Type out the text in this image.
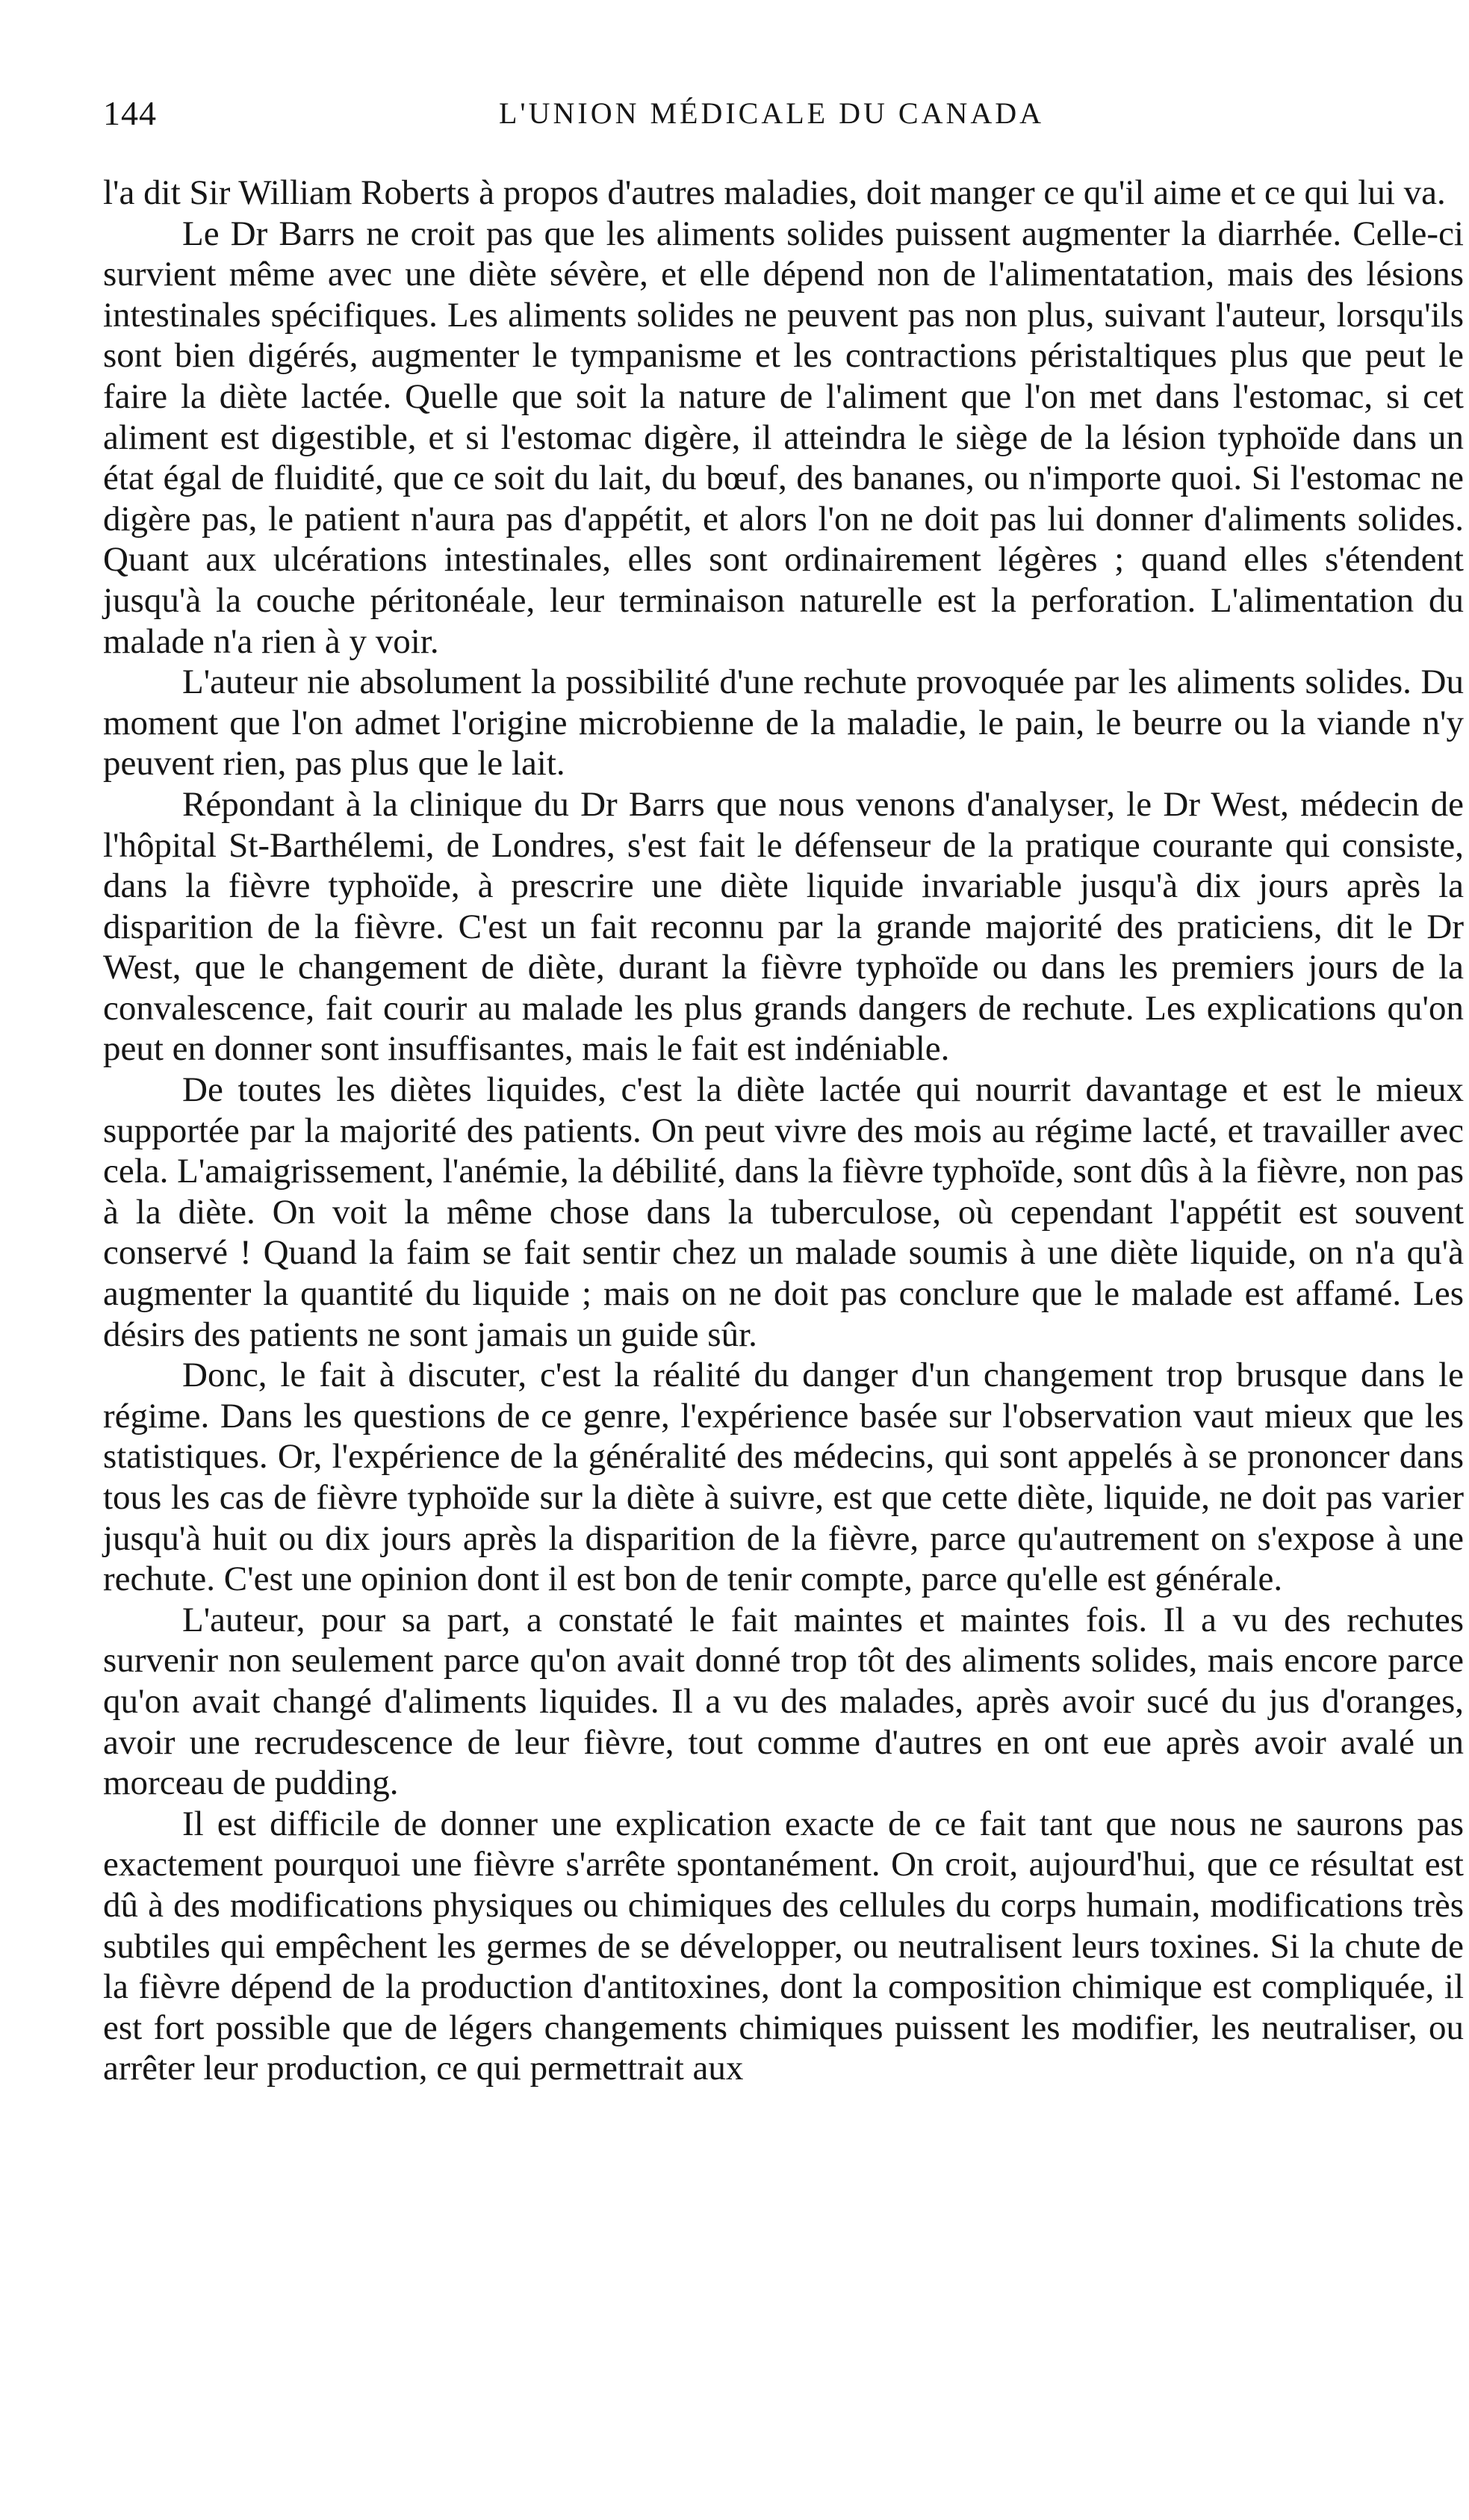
144	L'UNION MÉDICALE DU CANADA

l'a dit Sir William Roberts à propos d'autres maladies, doit manger ce qu'il aime et ce qui lui va.

Le Dr Barrs ne croit pas que les aliments solides puissent augmenter la diarrhée. Celle-ci survient même avec une diète sévère, et elle dépend non de l'alimentatation, mais des lésions intestinales spécifiques. Les aliments solides ne peuvent pas non plus, suivant l'auteur, lorsqu'ils sont bien digérés, augmenter le tympanisme et les contractions péristaltiques plus que peut le faire la diète lactée. Quelle que soit la nature de l'aliment que l'on met dans l'estomac, si cet aliment est digestible, et si l'estomac digère, il atteindra le siège de la lésion typhoïde dans un état égal de fluidité, que ce soit du lait, du bœuf, des bananes, ou n'importe quoi. Si l'estomac ne digère pas, le patient n'aura pas d'appétit, et alors l'on ne doit pas lui donner d'aliments solides. Quant aux ulcérations intestinales, elles sont ordinairement légères ; quand elles s'étendent jusqu'à la couche péritonéale, leur terminaison naturelle est la perforation. L'alimentation du malade n'a rien à y voir.

L'auteur nie absolument la possibilité d'une rechute provoquée par les aliments solides. Du moment que l'on admet l'origine microbienne de la maladie, le pain, le beurre ou la viande n'y peuvent rien, pas plus que le lait.

Répondant à la clinique du Dr Barrs que nous venons d'analyser, le Dr West, médecin de l'hôpital St-Barthélemi, de Londres, s'est fait le défenseur de la pratique courante qui consiste, dans la fièvre typhoïde, à prescrire une diète liquide invariable jusqu'à dix jours après la disparition de la fièvre. C'est un fait reconnu par la grande majorité des praticiens, dit le Dr West, que le changement de diète, durant la fièvre typhoïde ou dans les premiers jours de la convalescence, fait courir au malade les plus grands dangers de rechute. Les explications qu'on peut en donner sont insuffisantes, mais le fait est indéniable.

De toutes les diètes liquides, c'est la diète lactée qui nourrit davantage et est le mieux supportée par la majorité des patients. On peut vivre des mois au régime lacté, et travailler avec cela. L'amaigrissement, l'anémie, la débilité, dans la fièvre typhoïde, sont dûs à la fièvre, non pas à la diète. On voit la même chose dans la tuberculose, où cependant l'appétit est souvent conservé ! Quand la faim se fait sentir chez un malade soumis à une diète liquide, on n'a qu'à augmenter la quantité du liquide ; mais on ne doit pas conclure que le malade est affamé. Les désirs des patients ne sont jamais un guide sûr.

Donc, le fait à discuter, c'est la réalité du danger d'un changement trop brusque dans le régime. Dans les questions de ce genre, l'expérience basée sur l'observation vaut mieux que les statistiques. Or, l'expérience de la généralité des médecins, qui sont appelés à se prononcer dans tous les cas de fièvre typhoïde sur la diète à suivre, est que cette diète, liquide, ne doit pas varier jusqu'à huit ou dix jours après la disparition de la fièvre, parce qu'autrement on s'expose à une rechute. C'est une opinion dont il est bon de tenir compte, parce qu'elle est générale.

L'auteur, pour sa part, a constaté le fait maintes et maintes fois. Il a vu des rechutes survenir non seulement parce qu'on avait donné trop tôt des aliments solides, mais encore parce qu'on avait changé d'aliments liquides. Il a vu des malades, après avoir sucé du jus d'oranges, avoir une recrudescence de leur fièvre, tout comme d'autres en ont eue après avoir avalé un morceau de pudding.

Il est difficile de donner une explication exacte de ce fait tant que nous ne saurons pas exactement pourquoi une fièvre s'arrête spontanément. On croit, aujourd'hui, que ce résultat est dû à des modifications physiques ou chimiques des cellules du corps humain, modifications très subtiles qui empêchent les germes de se développer, ou neutralisent leurs toxines. Si la chute de la fièvre dépend de la production d'antitoxines, dont la composition chimique est compliquée, il est fort possible que de légers changements chimiques puissent les modifier, les neutraliser, ou arrêter leur production, ce qui permettrait aux
